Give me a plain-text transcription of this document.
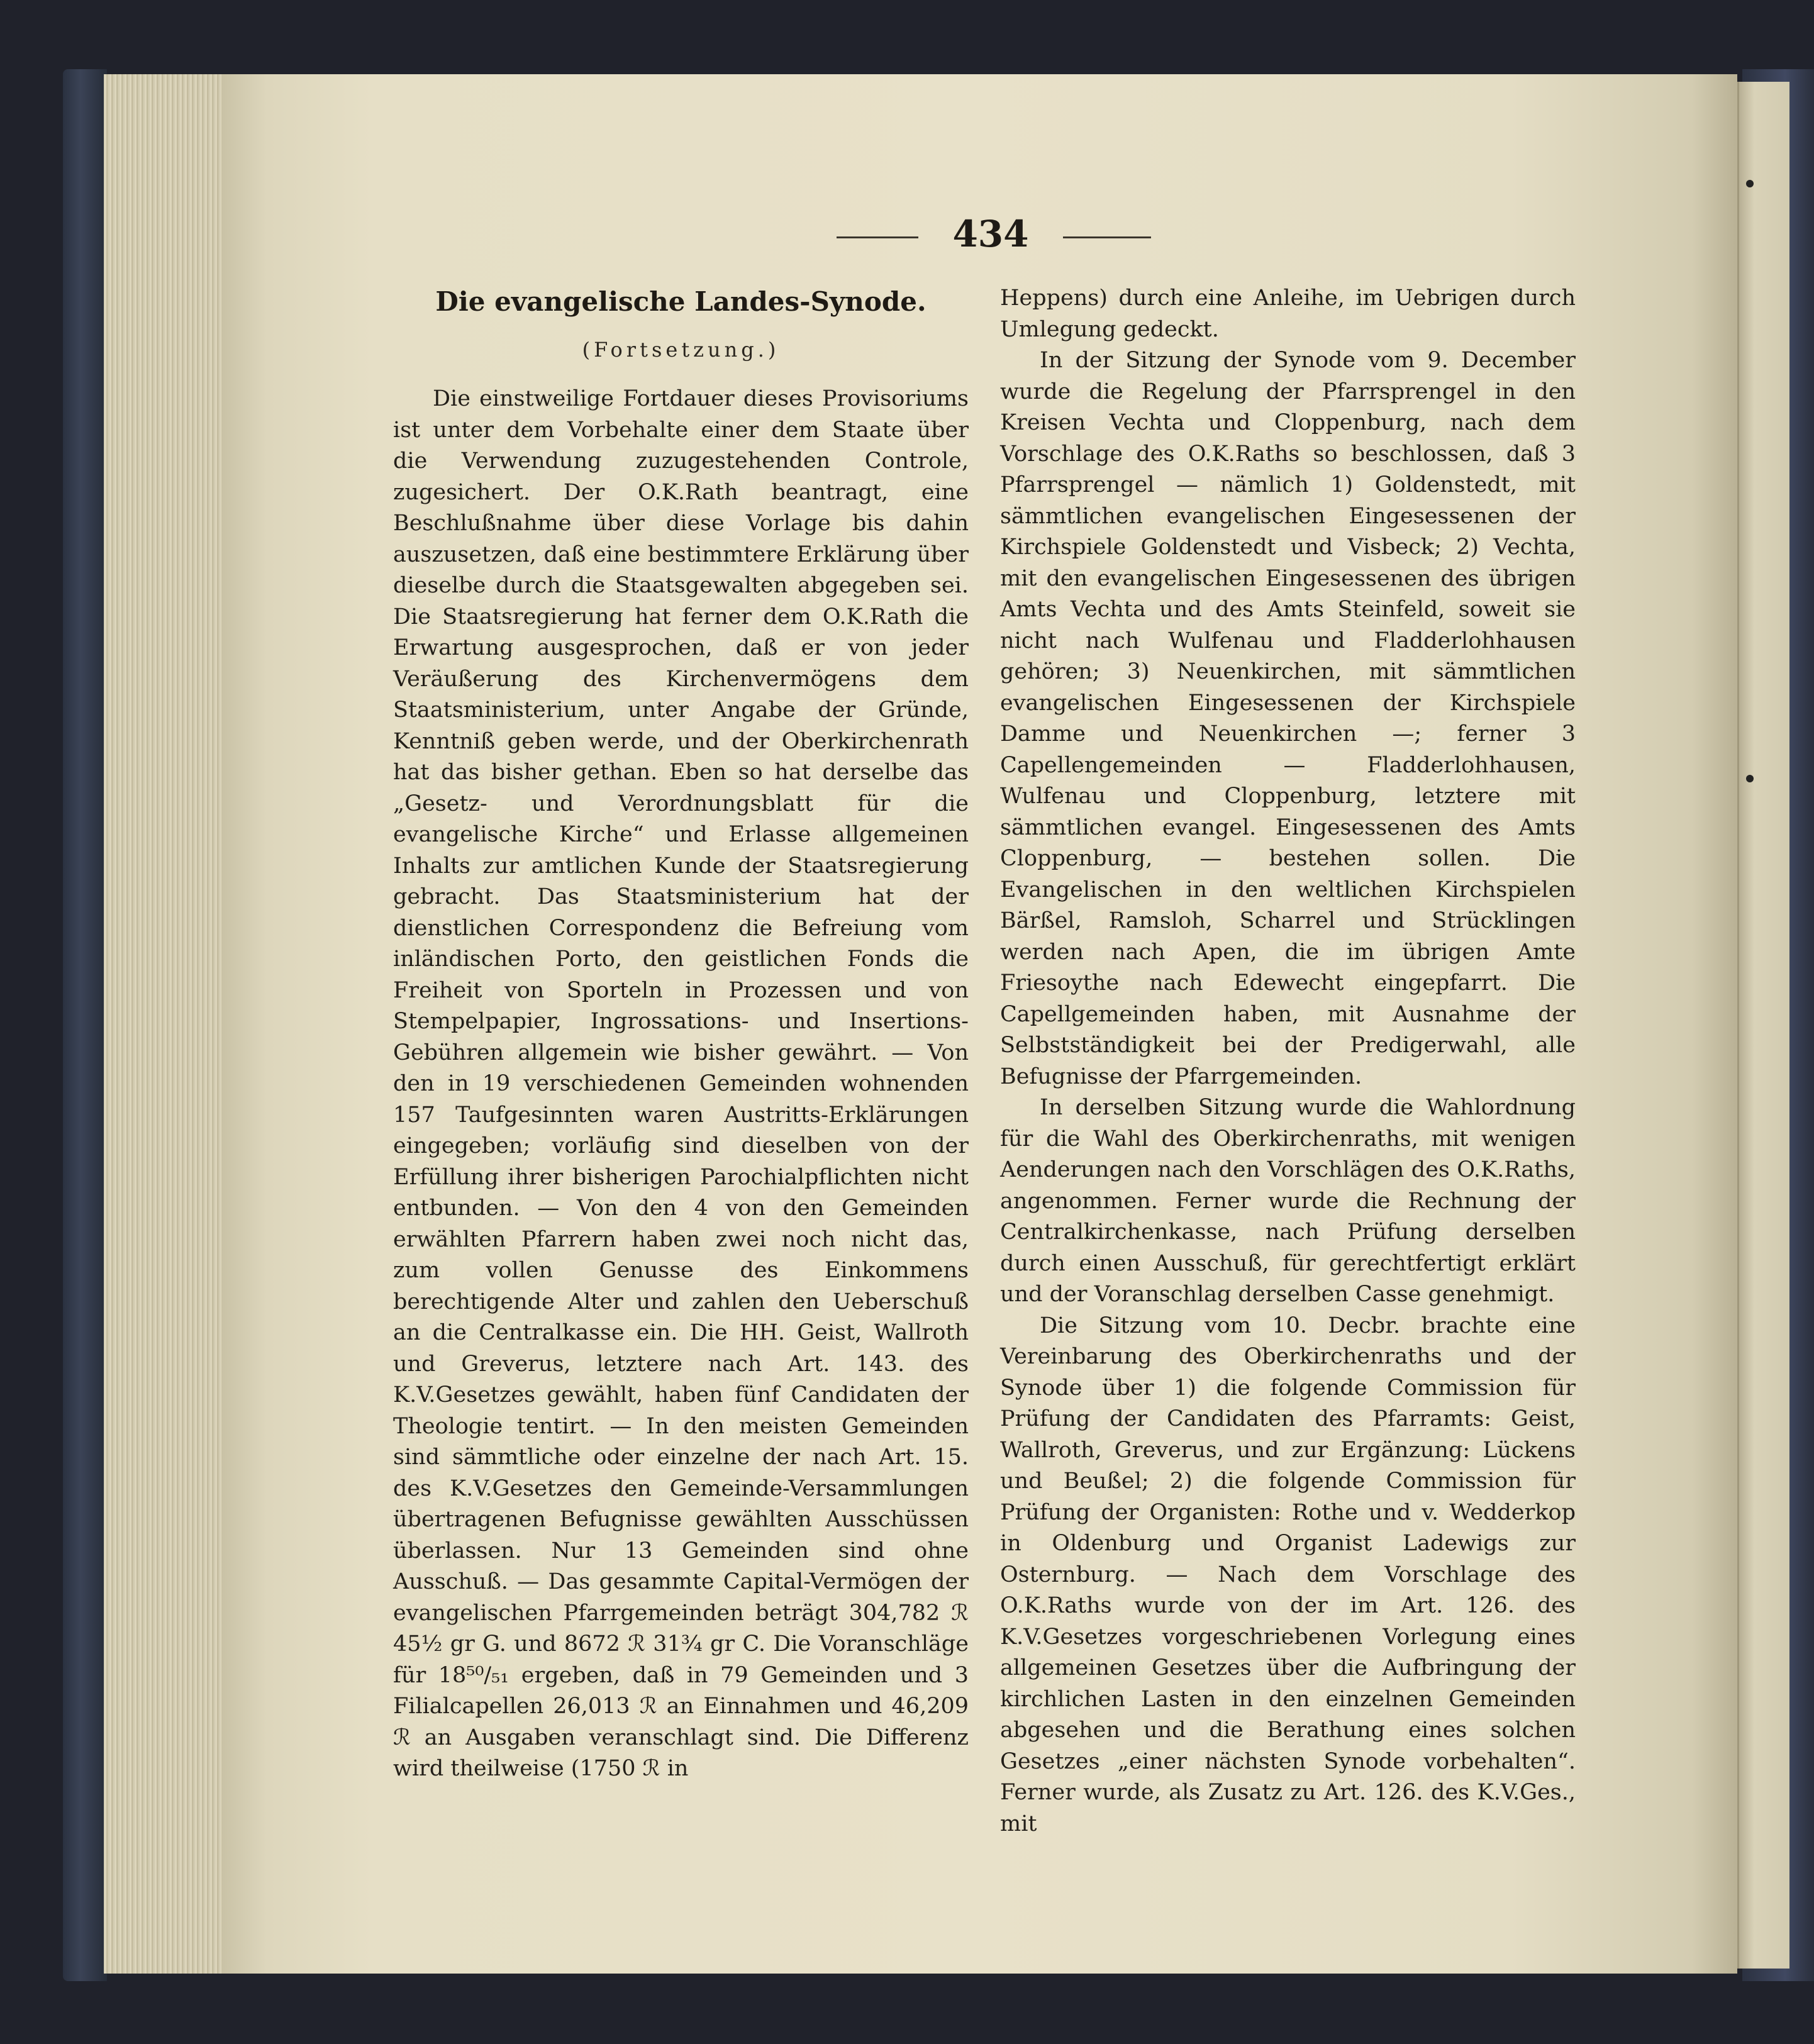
434
Die evangelische Landes-Synode.
(Fortsetzung.)

Die einstweilige Fortdauer dieses Provisoriums ist unter dem Vorbehalte einer dem Staate über die Verwendung zuzugestehenden Controle, zugesichert. Der O.K.Rath beantragt, eine Beschlußnahme über diese Vorlage bis dahin auszusetzen, daß eine bestimmtere Erklärung über dieselbe durch die Staatsgewalten abgegeben sei. Die Staatsregierung hat ferner dem O.K.Rath die Erwartung ausgesprochen, daß er von jeder Veräußerung des Kirchenvermögens dem Staatsministerium, unter Angabe der Gründe, Kenntniß geben werde, und der Oberkirchenrath hat das bisher gethan. Eben so hat derselbe das „Gesetz- und Verordnungsblatt für die evangelische Kirche“ und Erlasse allgemeinen Inhalts zur amtlichen Kunde der Staatsregierung gebracht. Das Staatsministerium hat der dienstlichen Correspondenz die Befreiung vom inländischen Porto, den geistlichen Fonds die Freiheit von Sporteln in Prozessen und von Stempelpapier, Ingrossations- und Insertions-Gebühren allgemein wie bisher gewährt. — Von den in 19 verschiedenen Gemeinden wohnenden 157 Taufgesinnten waren Austritts-Erklärungen eingegeben; vorläufig sind dieselben von der Erfüllung ihrer bisherigen Parochialpflichten nicht entbunden. — Von den 4 von den Gemeinden erwählten Pfarrern haben zwei noch nicht das, zum vollen Genusse des Einkommens berechtigende Alter und zahlen den Ueberschuß an die Centralkasse ein. Die HH. Geist, Wallroth und Greverus, letztere nach Art. 143. des K.V.Gesetzes gewählt, haben fünf Candidaten der Theologie tentirt. — In den meisten Gemeinden sind sämmtliche oder einzelne der nach Art. 15. des K.V.Gesetzes den Gemeinde-Versammlungen übertragenen Befugnisse gewählten Ausschüssen überlassen. Nur 13 Gemeinden sind ohne Ausschuß. — Das gesammte Capital-Vermögen der evangelischen Pfarrgemeinden beträgt 304,782 ℛ 45½ gr G. und 8672 ℛ 31¾ gr C. Die Voranschläge für 18⁵⁰/₅₁ ergeben, daß in 79 Gemeinden und 3 Filialcapellen 26,013 ℛ an Einnahmen und 46,209 ℛ an Ausgaben veranschlagt sind. Die Differenz wird theilweise (1750 ℛ in

Heppens) durch eine Anleihe, im Uebrigen durch Umlegung gedeckt.

In der Sitzung der Synode vom 9. December wurde die Regelung der Pfarrsprengel in den Kreisen Vechta und Cloppenburg, nach dem Vorschlage des O.K.Raths so beschlossen, daß 3 Pfarrsprengel — nämlich 1) Goldenstedt, mit sämmtlichen evangelischen Eingesessenen der Kirchspiele Goldenstedt und Visbeck; 2) Vechta, mit den evangelischen Eingesessenen des übrigen Amts Vechta und des Amts Steinfeld, soweit sie nicht nach Wulfenau und Fladderlohhausen gehören; 3) Neuenkirchen, mit sämmtlichen evangelischen Eingesessenen der Kirchspiele Damme und Neuenkirchen —; ferner 3 Capellengemeinden — Fladderlohhausen, Wulfenau und Cloppenburg, letztere mit sämmtlichen evangel. Eingesessenen des Amts Cloppenburg, — bestehen sollen. Die Evangelischen in den weltlichen Kirchspielen Bärßel, Ramsloh, Scharrel und Strücklingen werden nach Apen, die im übrigen Amte Friesoythe nach Edewecht eingepfarrt. Die Capellgemeinden haben, mit Ausnahme der Selbstständigkeit bei der Predigerwahl, alle Befugnisse der Pfarrgemeinden.

In derselben Sitzung wurde die Wahlordnung für die Wahl des Oberkirchenraths, mit wenigen Aenderungen nach den Vorschlägen des O.K.Raths, angenommen. Ferner wurde die Rechnung der Centralkirchenkasse, nach Prüfung derselben durch einen Ausschuß, für gerechtfertigt erklärt und der Voranschlag derselben Casse genehmigt.

Die Sitzung vom 10. Decbr. brachte eine Vereinbarung des Oberkirchenraths und der Synode über 1) die folgende Commission für Prüfung der Candidaten des Pfarramts: Geist, Wallroth, Greverus, und zur Ergänzung: Lückens und Beußel; 2) die folgende Commission für Prüfung der Organisten: Rothe und v. Wedderkop in Oldenburg und Organist Ladewigs zur Osternburg. — Nach dem Vorschlage des O.K.Raths wurde von der im Art. 126. des K.V.Gesetzes vorgeschriebenen Vorlegung eines allgemeinen Gesetzes über die Aufbringung der kirchlichen Lasten in den einzelnen Gemeinden abgesehen und die Berathung eines solchen Gesetzes „einer nächsten Synode vorbehalten“. Ferner wurde, als Zusatz zu Art. 126. des K.V.Ges., mit
